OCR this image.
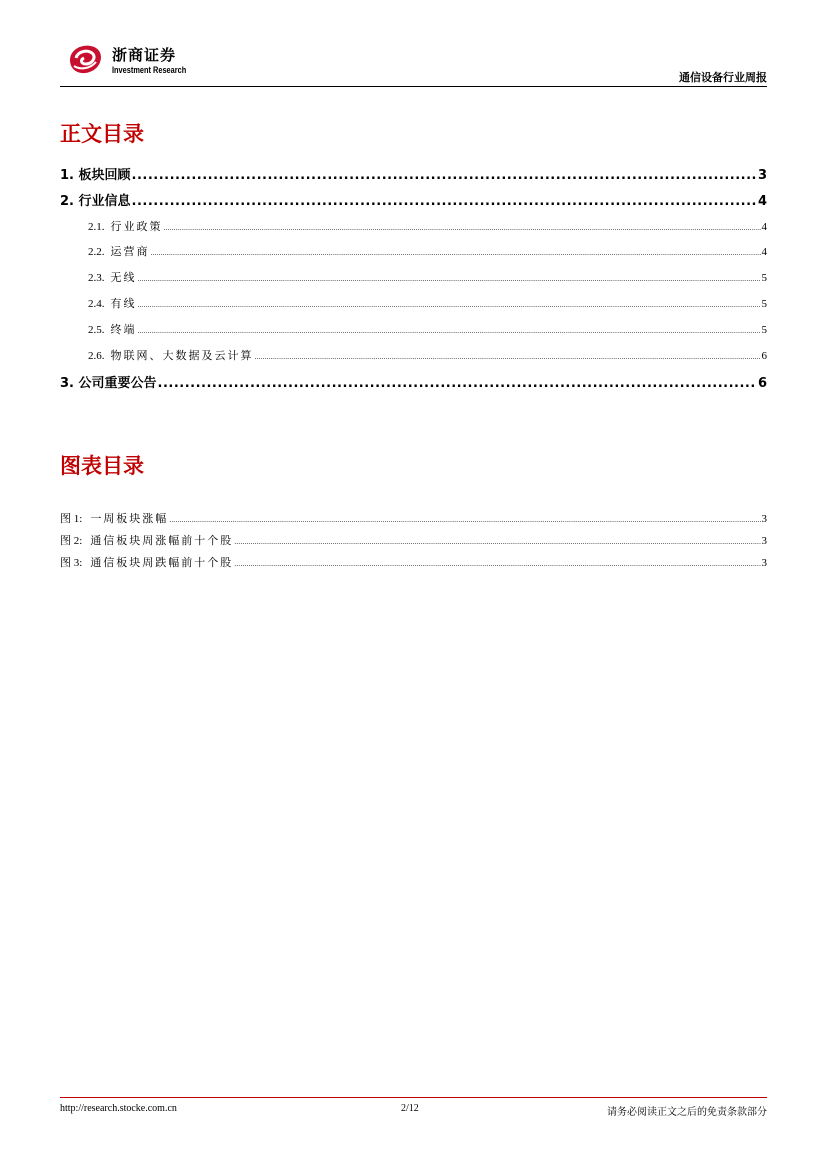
浙商证券
Investment Research
通信设备行业周报
正文目录
1. 板块回顾 .....	3
2. 行业信息 .....	4
2.1. 行业政策 .....	4
2.2. 运营商 .....	4
2.3. 无线 .....	5
2.4. 有线 .....	5
2.5. 终端 .....	5
2.6. 物联网、大数据及云计算 .....	6
3. 公司重要公告 .....	6
图表目录
图 1: 一周板块涨幅 .....	3
图 2: 通信板块周涨幅前十个股 .....	3
图 3: 通信板块周跌幅前十个股 .....	3
http://research.stocke.com.cn	2/12	请务必阅读正文之后的免责条款部分
